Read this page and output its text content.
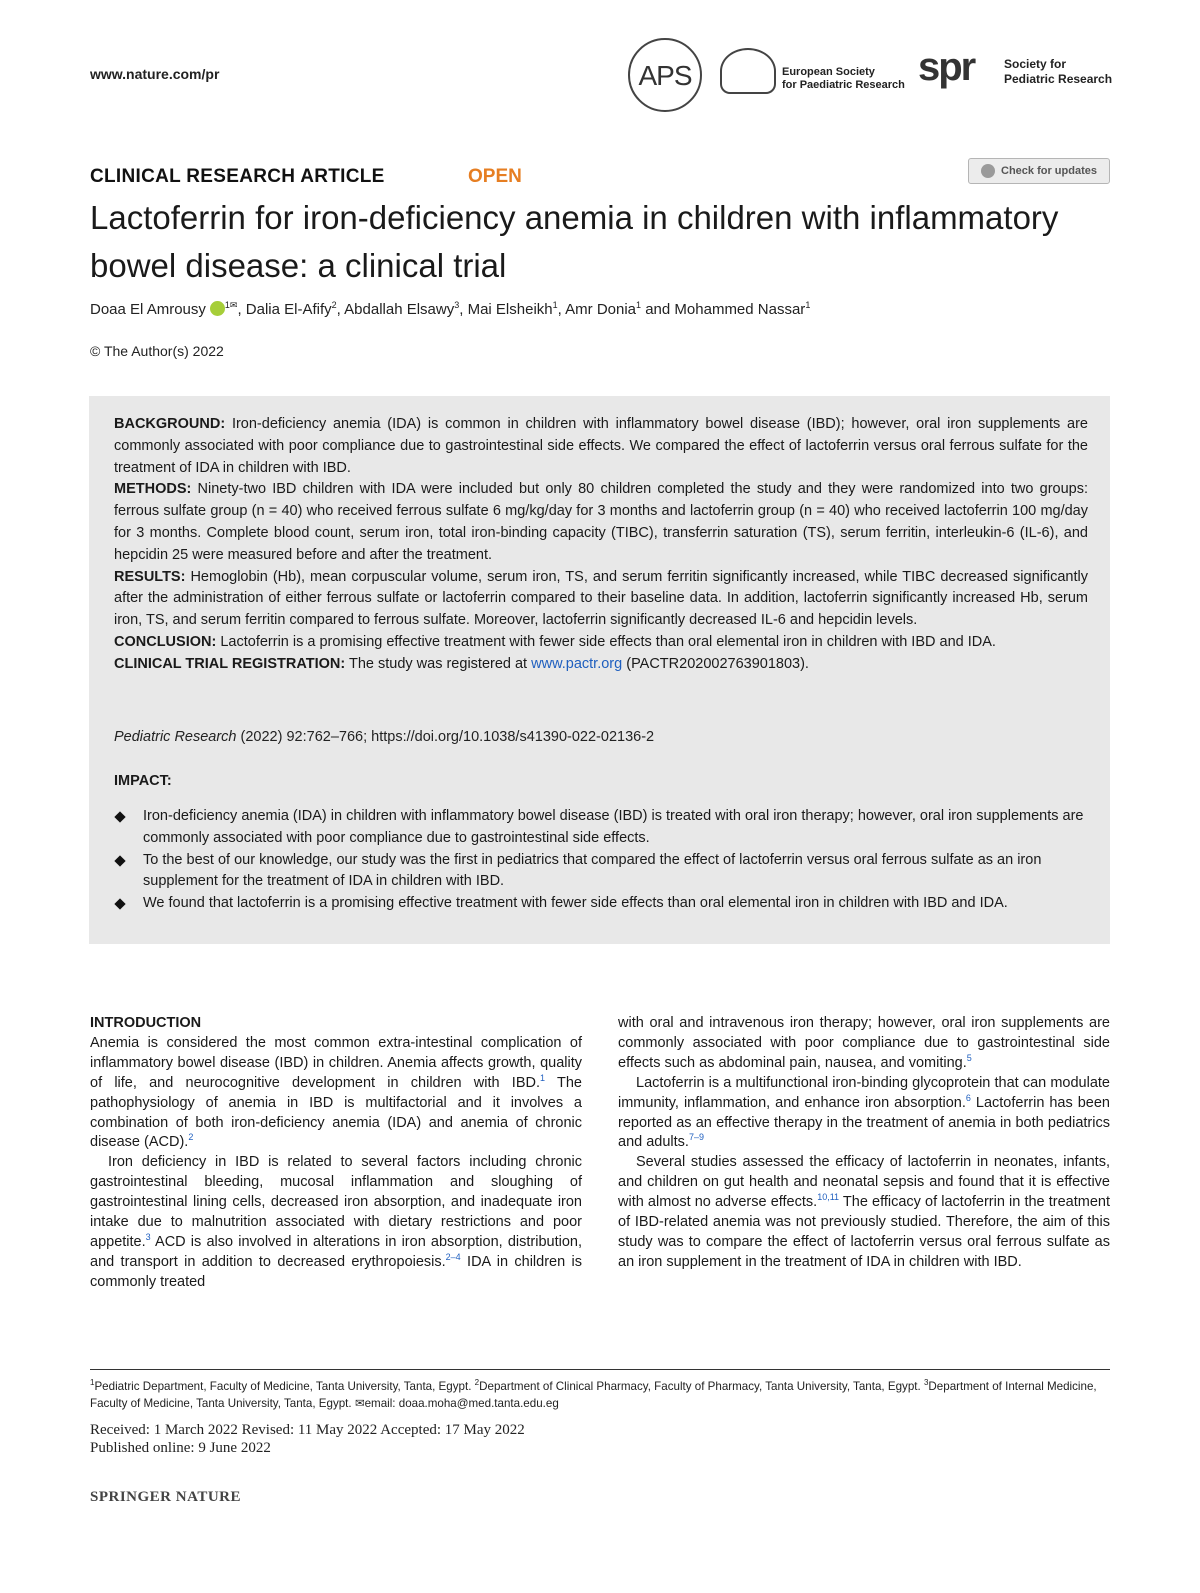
www.nature.com/pr	APS	European Society
for Paediatric Research spr Society for
Pediatric Research
CLINICAL RESEARCH ARTICLE	OPEN	Check for updates
Lactoferrin for iron-deficiency anemia in children with inflammatory bowel disease: a clinical trial
Doaa El Amrousy $^{1✉}$, Dalia El-Afify$^2$, Abdallah Elsawy$^3$, Mai Elsheikh$^1$, Amr Donia$^1$ and Mohammed Nassar$^1$
© The Author(s) 2022

BACKGROUND: Iron-deficiency anemia (IDA) is common in children with inflammatory bowel disease (IBD); however, oral iron supplements are commonly associated with poor compliance due to gastrointestinal side effects. We compared the effect of lactoferrin versus oral ferrous sulfate for the treatment of IDA in children with IBD.

METHODS: Ninety-two IBD children with IDA were included but only 80 children completed the study and they were randomized into two groups: ferrous sulfate group (n = 40) who received ferrous sulfate 6 mg/kg/day for 3 months and lactoferrin group (n = 40) who received lactoferrin 100 mg/day for 3 months. Complete blood count, serum iron, total iron-binding capacity (TIBC), transferrin saturation (TS), serum ferritin, interleukin-6 (IL-6), and hepcidin 25 were measured before and after the treatment.

RESULTS: Hemoglobin (Hb), mean corpuscular volume, serum iron, TS, and serum ferritin significantly increased, while TIBC decreased significantly after the administration of either ferrous sulfate or lactoferrin compared to their baseline data. In addition, lactoferrin significantly increased Hb, serum iron, TS, and serum ferritin compared to ferrous sulfate. Moreover, lactoferrin significantly decreased IL-6 and hepcidin levels.

CONCLUSION: Lactoferrin is a promising effective treatment with fewer side effects than oral elemental iron in children with IBD and IDA.

CLINICAL TRIAL REGISTRATION: The study was registered at www.pactr.org (PACTR202002763901803).

Pediatric Research (2022) 92:762–766; https://doi.org/10.1038/s41390-022-02136-2
IMPACT:
Iron-deficiency anemia (IDA) in children with inflammatory bowel disease (IBD) is treated with oral iron therapy; however, oral iron supplements are commonly associated with poor compliance due to gastrointestinal side effects.
To the best of our knowledge, our study was the first in pediatrics that compared the effect of lactoferrin versus oral ferrous sulfate as an iron supplement for the treatment of IDA in children with IBD.
We found that lactoferrin is a promising effective treatment with fewer side effects than oral elemental iron in children with IBD and IDA.
INTRODUCTION

Anemia is considered the most common extra-intestinal complication of inflammatory bowel disease (IBD) in children. Anemia affects growth, quality of life, and neurocognitive development in children with IBD.$^1$ The pathophysiology of anemia in IBD is multifactorial and it involves a combination of both iron-deficiency anemia (IDA) and anemia of chronic disease (ACD).$^2$

Iron deficiency in IBD is related to several factors including chronic gastrointestinal bleeding, mucosal inflammation and sloughing of gastrointestinal lining cells, decreased iron absorption, and inadequate iron intake due to malnutrition associated with dietary restrictions and poor appetite.$^3$ ACD is also involved in alterations in iron absorption, distribution, and transport in addition to decreased erythropoiesis.$^{2-4}$ IDA in children is commonly treated

with oral and intravenous iron therapy; however, oral iron supplements are commonly associated with poor compliance due to gastrointestinal side effects such as abdominal pain, nausea, and vomiting.$^5$

Lactoferrin is a multifunctional iron-binding glycoprotein that can modulate immunity, inflammation, and enhance iron absorption.$^6$ Lactoferrin has been reported as an effective therapy in the treatment of anemia in both pediatrics and adults.$^{7-9}$

Several studies assessed the efficacy of lactoferrin in neonates, infants, and children on gut health and neonatal sepsis and found that it is effective with almost no adverse effects.$^{10,11}$ The efficacy of lactoferrin in the treatment of IBD-related anemia was not previously studied. Therefore, the aim of this study was to compare the effect of lactoferrin versus oral ferrous sulfate as an iron supplement in the treatment of IDA in children with IBD.

$^1$Pediatric Department, Faculty of Medicine, Tanta University, Tanta, Egypt. $^2$Department of Clinical Pharmacy, Faculty of Pharmacy, Tanta University, Tanta, Egypt. $^3$Department of Internal Medicine, Faculty of Medicine, Tanta University, Tanta, Egypt. ✉email: doaa.moha@med.tanta.edu.eg
Received: 1 March 2022 Revised: 11 May 2022 Accepted: 17 May 2022
Published online: 9 June 2022
SPRINGER NATURE
